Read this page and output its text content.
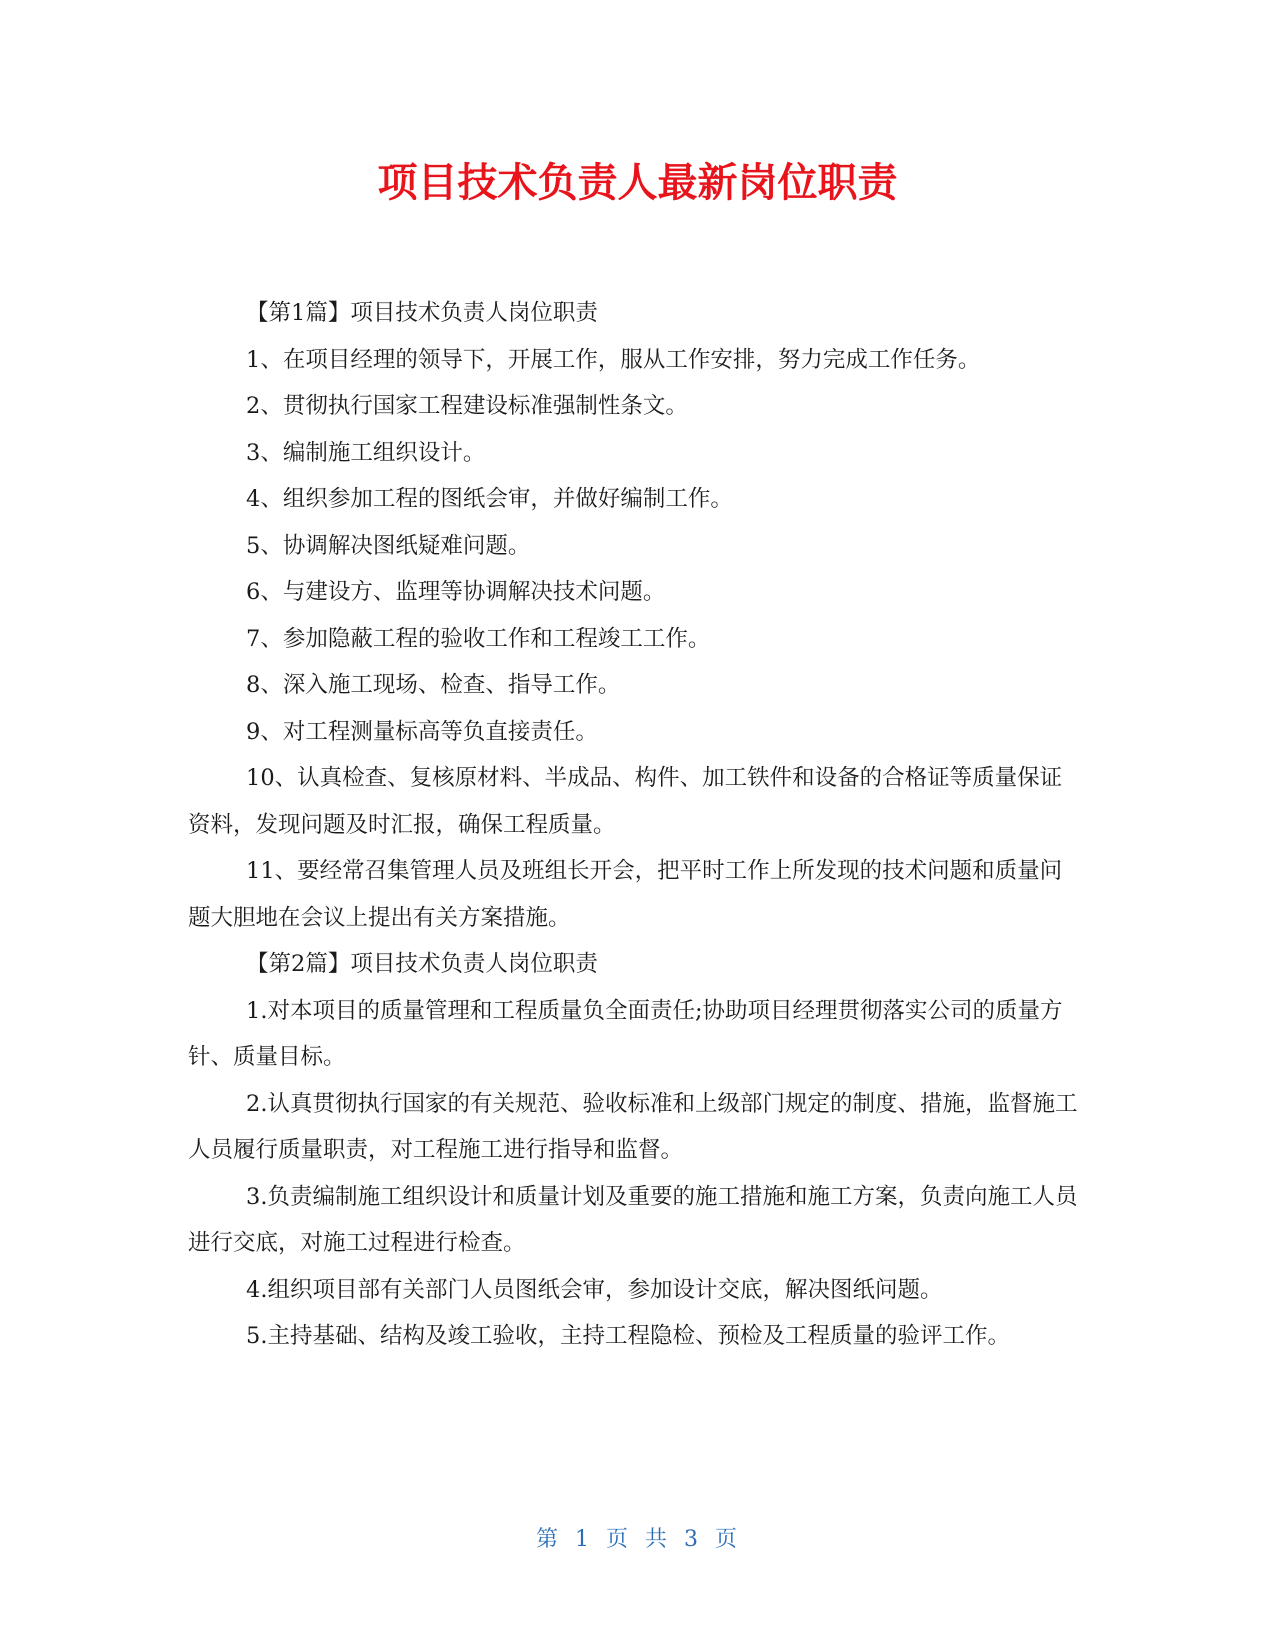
项目技术负责人最新岗位职责

【第1篇】项目技术负责人岗位职责

1、在项目经理的领导下，开展工作，服从工作安排，努力完成工作任务。

2、贯彻执行国家工程建设标准强制性条文。

3、编制施工组织设计。

4、组织参加工程的图纸会审，并做好编制工作。

5、协调解决图纸疑难问题。

6、与建设方、监理等协调解决技术问题。

7、参加隐蔽工程的验收工作和工程竣工工作。

8、深入施工现场、检查、指导工作。

9、对工程测量标高等负直接责任。

10、认真检查、复核原材料、半成品、构件、加工铁件和设备的合格证等质量保证资料，发现问题及时汇报，确保工程质量。

11、要经常召集管理人员及班组长开会，把平时工作上所发现的技术问题和质量问题大胆地在会议上提出有关方案措施。

【第2篇】项目技术负责人岗位职责

1.对本项目的质量管理和工程质量负全面责任;协助项目经理贯彻落实公司的质量方针、质量目标。

2.认真贯彻执行国家的有关规范、验收标准和上级部门规定的制度、措施，监督施工人员履行质量职责，对工程施工进行指导和监督。

3.负责编制施工组织设计和质量计划及重要的施工措施和施工方案，负责向施工人员进行交底，对施工过程进行检查。

4.组织项目部有关部门人员图纸会审，参加设计交底，解决图纸问题。

5.主持基础、结构及竣工验收，主持工程隐检、预检及工程质量的验评工作。

第 1 页 共 3 页
